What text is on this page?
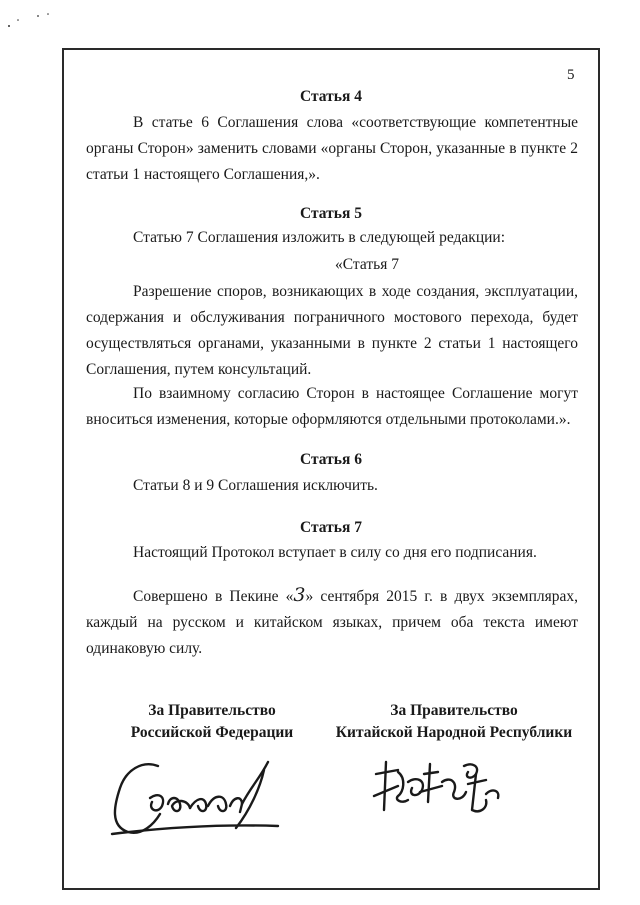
5
Статья 4

В статье 6 Соглашения слова «соответствующие компетентные органы Сторон» заменить словами «органы Сторон, указанные в пункте 2 статьи 1 настоящего Соглашения,».

Статья 5
Статью 7 Соглашения изложить в следующей редакции:
«Статья 7

Разрешение споров, возникающих в ходе создания, эксплуатации, содержания и обслуживания пограничного мостового перехода, будет осуществляться органами, указанными в пункте 2 статьи 1 настоящего Соглашения, путем консультаций.

По взаимному согласию Сторон в настоящее Соглашение могут вноситься изменения, которые оформляются отдельными протоколами.».

Статья 6
Статьи 8 и 9 Соглашения исключить.
Статья 7
Настоящий Протокол вступает в силу со дня его подписания.

Совершено в Пекине «3» сентября 2015 г. в двух экземплярах, каждый на русском и китайском языках, причем оба текста имеют одинаковую силу.

За Правительство
Российской Федерации
За Правительство
Китайской Народной Республики
